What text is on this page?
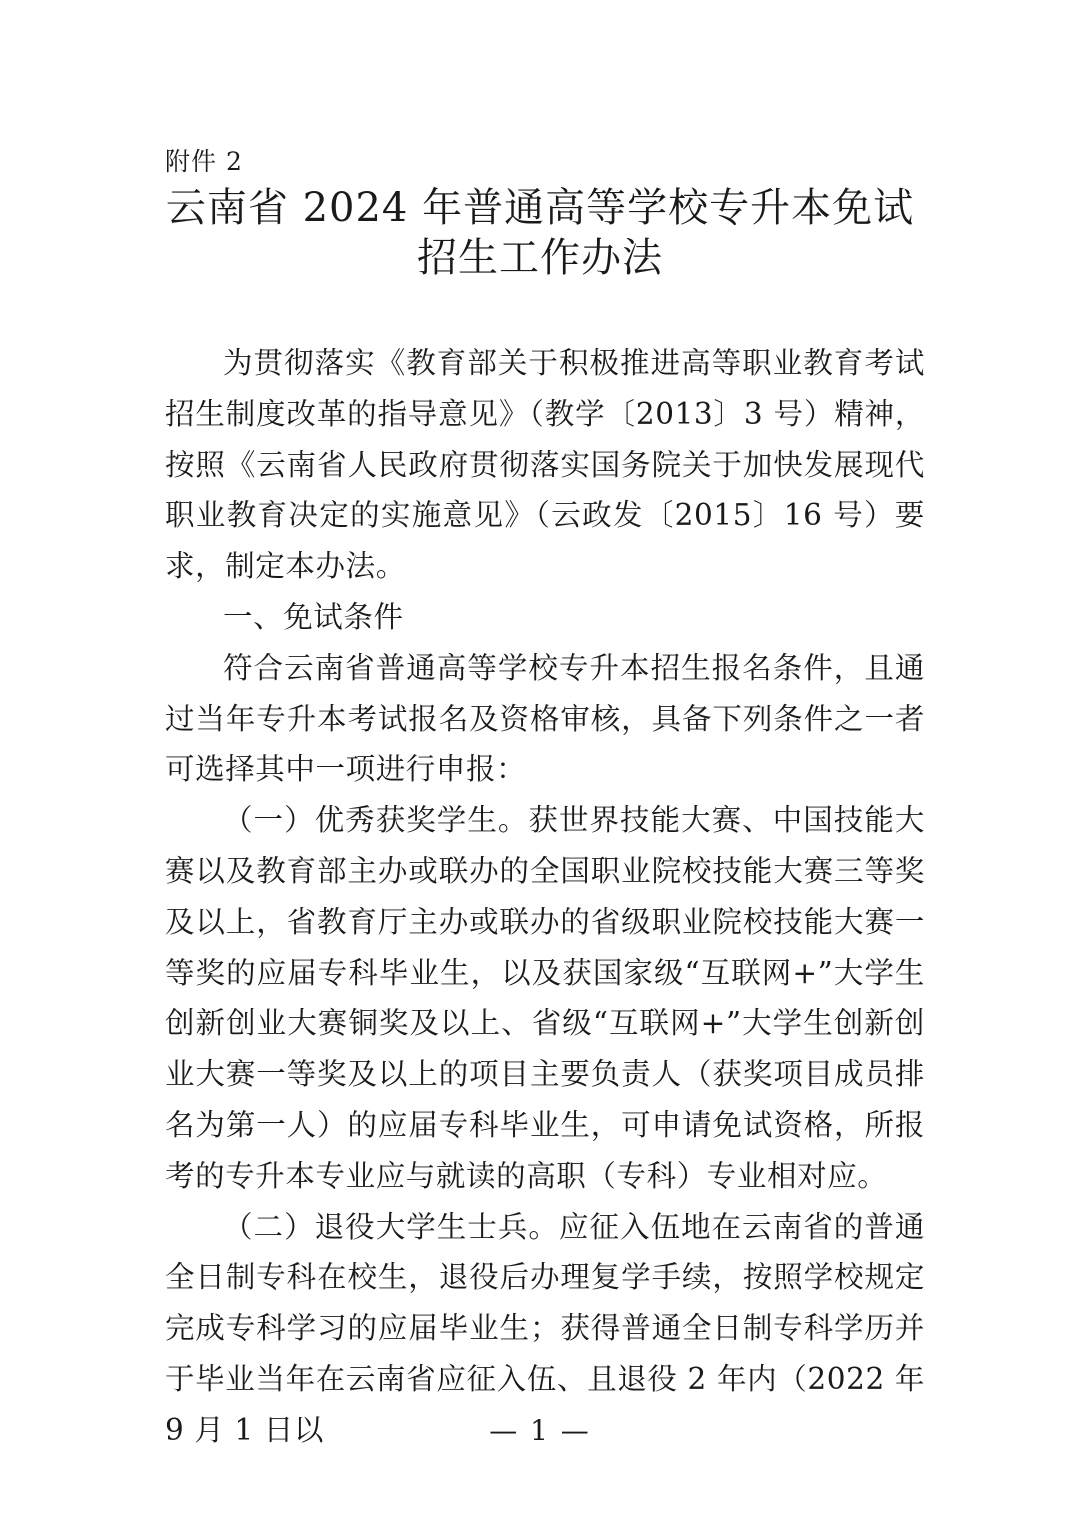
附件 2
云南省 2024 年普通高等学校专升本免试
招生工作办法

为贯彻落实《教育部关于积极推进高等职业教育考试招生制度改革的指导意见》（教学〔2013〕3 号）精神，按照《云南省人民政府贯彻落实国务院关于加快发展现代职业教育决定的实施意见》（云政发〔2015〕16 号）要求，制定本办法。

一、免试条件

符合云南省普通高等学校专升本招生报名条件，且通过当年专升本考试报名及资格审核，具备下列条件之一者可选择其中一项进行申报：

（一）优秀获奖学生。获世界技能大赛、中国技能大赛以及教育部主办或联办的全国职业院校技能大赛三等奖及以上，省教育厅主办或联办的省级职业院校技能大赛一等奖的应届专科毕业生，以及获国家级“互联网+”大学生创新创业大赛铜奖及以上、省级“互联网+”大学生创新创业大赛一等奖及以上的项目主要负责人（获奖项目成员排名为第一人）的应届专科毕业生，可申请免试资格，所报考的专升本专业应与就读的高职（专科）专业相对应。

（二）退役大学生士兵。应征入伍地在云南省的普通全日制专科在校生，退役后办理复学手续，按照学校规定完成专科学习的应届毕业生；获得普通全日制专科学历并于毕业当年在云南省应征入伍、且退役 2 年内（2022 年 9 月 1 日以	— 1 —
